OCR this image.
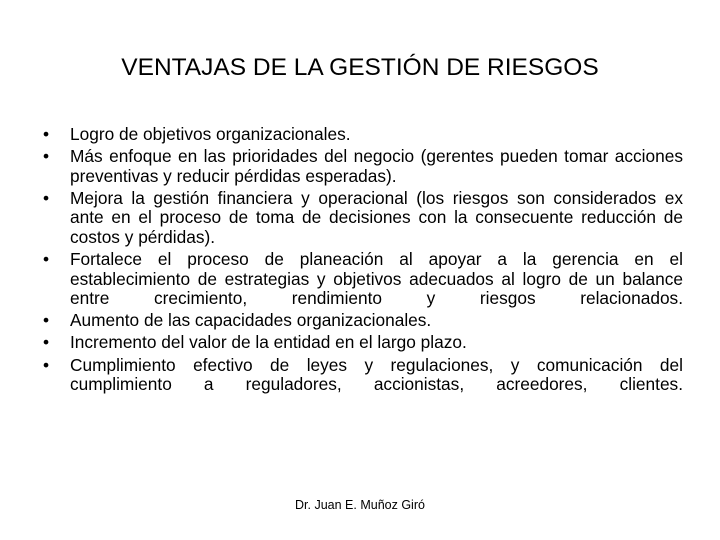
VENTAJAS DE LA GESTIÓN DE RIESGOS
•	Logro de objetivos organizacionales.
•	Más enfoque en las prioridades del negocio (gerentes pueden tomar acciones preventivas y reducir pérdidas esperadas).
•	Mejora la gestión financiera y operacional (los riesgos son considerados ex ante en el proceso de toma de decisiones con la consecuente reducción de costos y pérdidas).
•	Fortalece el proceso de planeación al apoyar a la gerencia en el establecimiento de estrategias y objetivos adecuados al logro de un balance entre crecimiento, rendimiento y riesgos relacionados.
•	Aumento de las capacidades organizacionales.
•	Incremento del valor de la entidad en el largo plazo.
•	Cumplimiento efectivo de leyes y regulaciones, y comunicación del cumplimiento a reguladores, accionistas, acreedores, clientes.
Dr. Juan E. Muñoz Giró
